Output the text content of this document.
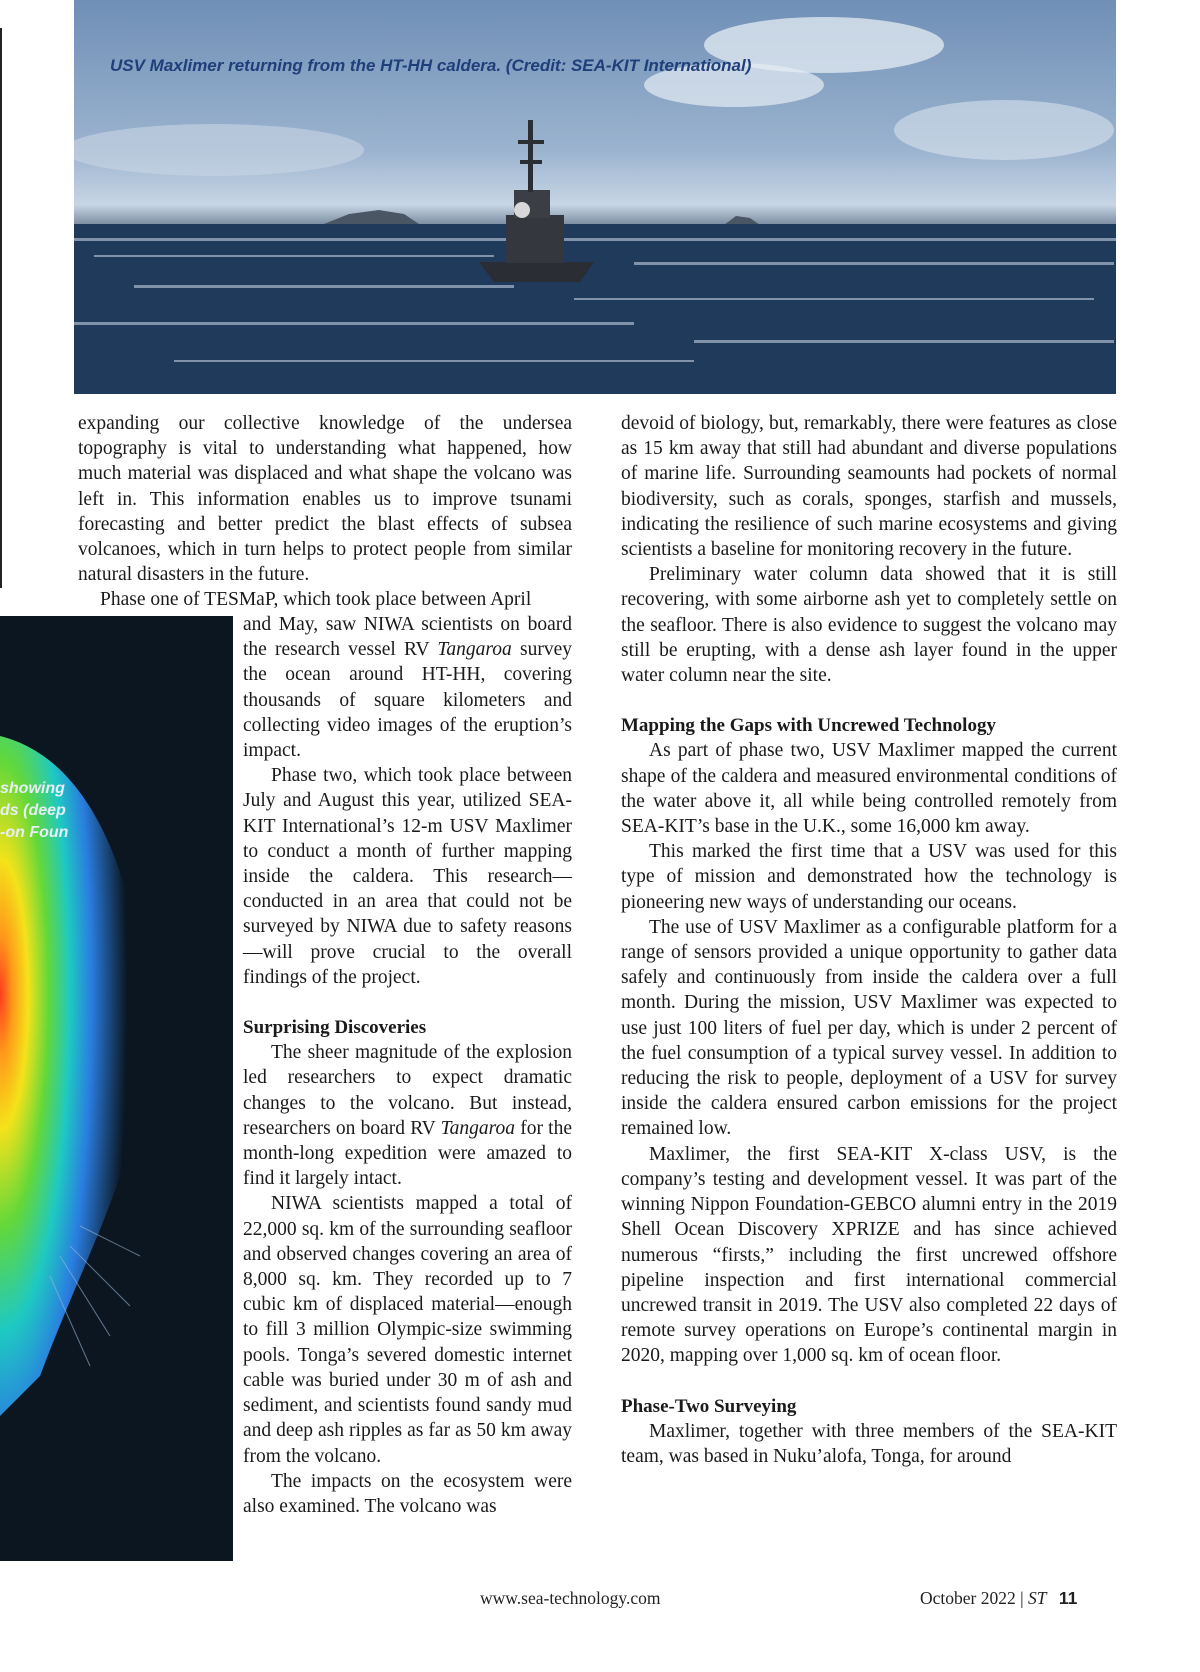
USV Maxlimer returning from the HT-HH caldera. (Credit: SEA-KIT International)
showing
ds (deep
on Foun-

expanding our collective knowledge of the undersea topography is vital to understanding what happened, how much material was displaced and what shape the volcano was left in. This information enables us to improve tsunami forecasting and better predict the blast effects of subsea volcanoes, which in turn helps to protect people from similar natural disasters in the future.

Phase one of TESMaP, which took place between April

and May, saw NIWA scientists on board the research vessel RV Tangaroa survey the ocean around HT-HH, covering thousands of square kilometers and collecting video images of the eruption’s impact.

Phase two, which took place between July and August this year, utilized SEA-KIT International’s 12-m USV Maxlimer to conduct a month of further mapping inside the caldera. This research—conducted in an area that could not be surveyed by NIWA due to safety reasons—will prove crucial to the overall findings of the project.

Surprising Discoveries

The sheer magnitude of the explosion led researchers to expect dramatic changes to the volcano. But instead, researchers on board RV Tangaroa for the month-long expedition were amazed to find it largely intact.

NIWA scientists mapped a total of 22,000 sq. km of the surrounding seafloor and observed changes covering an area of 8,000 sq. km. They recorded up to 7 cubic km of displaced material—enough to fill 3 million Olympic-size swimming pools. Tonga’s severed domestic internet cable was buried under 30 m of ash and sediment, and scientists found sandy mud and deep ash ripples as far as 50 km away from the volcano.

The impacts on the ecosystem were also examined. The volcano was

devoid of biology, but, remarkably, there were features as close as 15 km away that still had abundant and diverse populations of marine life. Surrounding seamounts had pockets of normal biodiversity, such as corals, sponges, starfish and mussels, indicating the resilience of such marine ecosystems and giving scientists a baseline for monitoring recovery in the future.

Preliminary water column data showed that it is still recovering, with some airborne ash yet to completely settle on the seafloor. There is also evidence to suggest the volcano may still be erupting, with a dense ash layer found in the upper water column near the site.

Mapping the Gaps with Uncrewed Technology

As part of phase two, USV Maxlimer mapped the current shape of the caldera and measured environmental conditions of the water above it, all while being controlled remotely from SEA-KIT’s base in the U.K., some 16,000 km away.

This marked the first time that a USV was used for this type of mission and demonstrated how the technology is pioneering new ways of understanding our oceans.

The use of USV Maxlimer as a configurable platform for a range of sensors provided a unique opportunity to gather data safely and continuously from inside the caldera over a full month. During the mission, USV Maxlimer was expected to use just 100 liters of fuel per day, which is under 2 percent of the fuel consumption of a typical survey vessel. In addition to reducing the risk to people, deployment of a USV for survey inside the caldera ensured carbon emissions for the project remained low.

Maxlimer, the first SEA-KIT X-class USV, is the company’s testing and development vessel. It was part of the winning Nippon Foundation-GEBCO alumni entry in the 2019 Shell Ocean Discovery XPRIZE and has since achieved numerous “firsts,” including the first uncrewed offshore pipeline inspection and first international commercial uncrewed transit in 2019. The USV also completed 22 days of remote survey operations on Europe’s continental margin in 2020, mapping over 1,000 sq. km of ocean floor.

Phase-Two Surveying

Maxlimer, together with three members of the SEA-KIT team, was based in Nuku’alofa, Tonga, for around

www.sea-technology.com	October 2022 | ST 11
